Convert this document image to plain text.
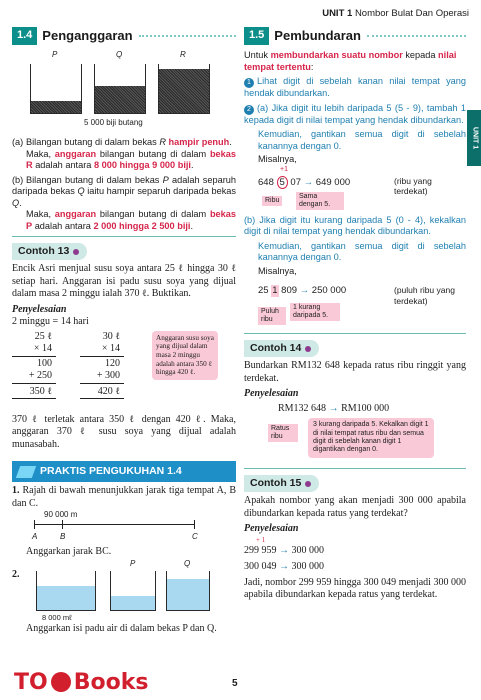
UNIT 1 Nombor Bulat Dan Operasi
UNIT 1
1.4 Penganggaran
P	Q	R
5 000 biji butang
(a) Bilangan butang di dalam bekas R hampir penuh.
Maka, anggaran bilangan butang di dalam bekas R adalah antara 8 000 hingga 9 000 biji.
(b) Bilangan butang di dalam bekas P adalah separuh daripada bekas Q iaitu hampir separuh daripada bekas Q.
Maka, anggaran bilangan butang di dalam bekas P adalah antara 2 000 hingga 2 500 biji.
Contoh 13
Encik Asri menjual susu soya antara 25 ℓ hingga 30 ℓ setiap hari. Anggaran isi padu susu soya yang dijual dalam masa 2 minggu ialah 370 ℓ. Buktikan.
Penyelesaian
2 minggu = 14 hari
25 ℓ
× 14
100
+ 250
350 ℓ
30 ℓ
× 14
120
+ 300
420 ℓ
Anggaran susu soya yang dijual dalam masa 2 minggu adalah antara 350 ℓ hingga 420 ℓ.
370 ℓ terletak antara 350 ℓ dengan 420 ℓ. Maka, anggaran 370 ℓ susu soya yang dijual adalah munasabah.
PRAKTIS PENGUKUHAN 1.4
1. Rajah di bawah menunjukkan jarak tiga tempat A, B dan C.
90 000 m
A	B	C
Anggarkan jarak BC.
2.
P	Q
8 000 mℓ
Anggarkan isi padu air di dalam bekas P dan Q.
1.5 Pembundaran
Untuk membundarkan suatu nombor kepada nilai tempat tertentu:
1 Lihat digit di sebelah kanan nilai tempat yang hendak dibundarkan.
2 (a) Jika digit itu lebih daripada 5 (5 - 9), tambah 1 kepada digit di nilai tempat yang hendak dibundarkan.
Kemudian, gantikan semua digit di sebelah kanannya dengan 0.
Misalnya,
+1
648 5 07 → 649 000	(ribu yang terdekat)
Ribu
Sama dengan 5.
(b) Jika digit itu kurang daripada 5 (0 - 4), kekalkan digit di nilai tempat yang hendak dibundarkan.
Kemudian, gantikan semua digit di sebelah kanannya dengan 0.
Misalnya,
25 1 809 → 250 000	(puluh ribu yang terdekat)
Puluh ribu
1 kurang daripada 5.
Contoh 14
Bundarkan RM132 648 kepada ratus ribu ringgit yang terdekat.
Penyelesaian
RM132 648 → RM100 000
Ratus ribu
3 kurang daripada 5. Kekalkan digit 1 di nilai tempat ratus ribu dan semua digit di sebelah kanan digit 1 digantikan dengan 0.
Contoh 15
Apakah nombor yang akan menjadi 300 000 apabila dibundarkan kepada ratus yang terdekat?
Penyelesaian
+ 1
299 959 → 300 000
300 049 → 300 000
Jadi, nombor 299 959 hingga 300 049 menjadi 300 000 apabila dibundarkan kepada ratus yang terdekat.
TO Books	5
